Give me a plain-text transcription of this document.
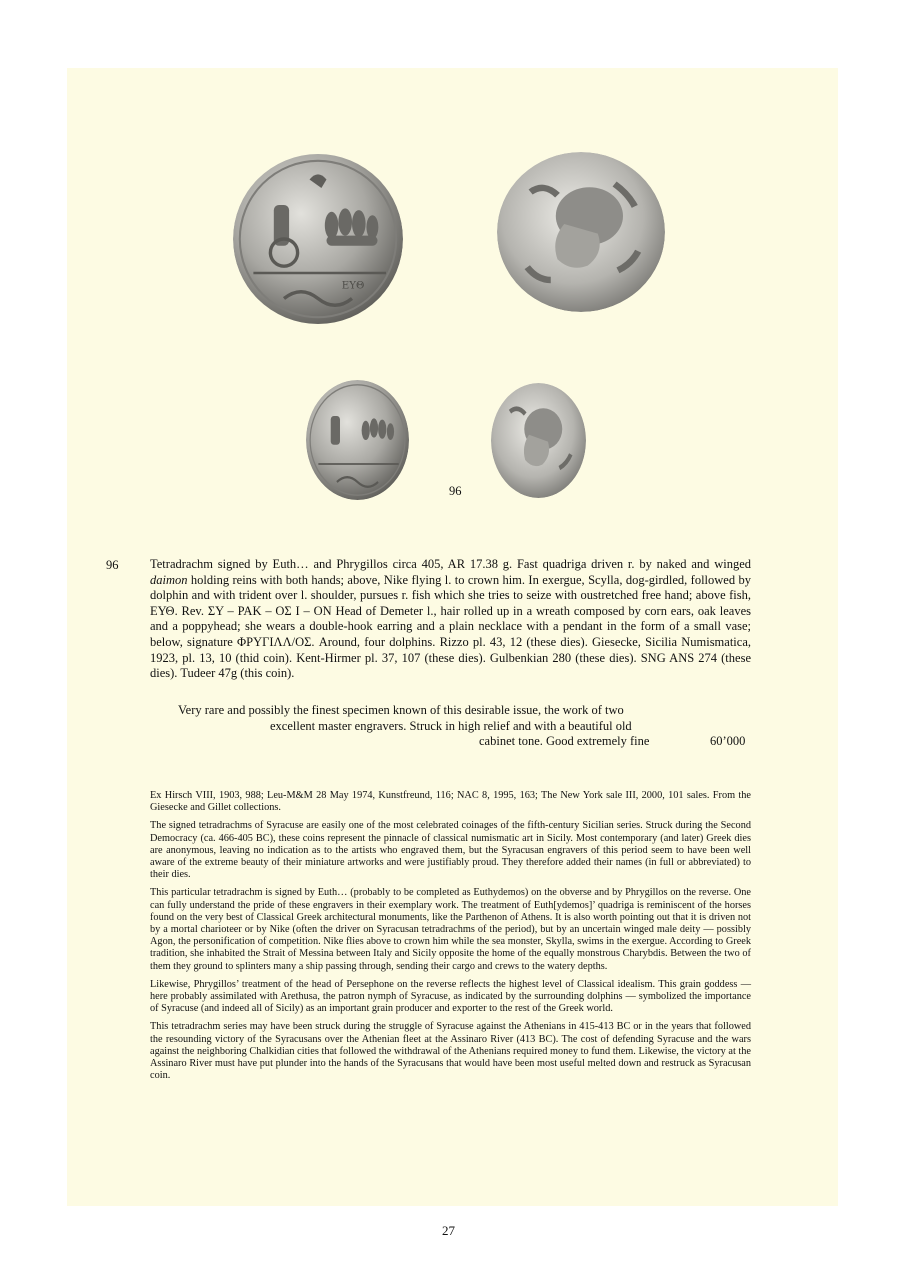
ΕΥΘ
96
96	Tetradrachm signed by Euth… and Phrygillos circa 405, AR 17.38 g. Fast quadriga driven r. by naked and winged daimon holding reins with both hands; above, Nike flying l. to crown him. In exergue, Scylla, dog-girdled, followed by dolphin and with trident over l. shoulder, pursues r. fish which she tries to seize with oustretched free hand; above fish, ΕΥΘ. Rev. ΣΥ – ΡΑΚ – ΟΣ Ι – ΟΝ Head of Demeter l., hair rolled up in a wreath composed by corn ears, oak leaves and a poppyhead; she wears a double-hook earring and a plain necklace with a pendant in the form of a small vase; below, signature ΦΡΥΓΙΛΛ/ΟΣ. Around, four dolphins. Rizzo pl. 43, 12 (these dies). Giesecke, Sicilia Numismatica, 1923, pl. 13, 10 (thid coin). Kent-Hirmer pl. 37, 107 (these dies). Gulbenkian 280 (these dies). SNG ANS 274 (these dies). Tudeer 47g (this coin).
Very rare and possibly the finest specimen known of this desirable issue, the work of two
excellent master engravers. Struck in high relief and with a beautiful old
cabinet tone. Good extremely fine	60’000

Ex Hirsch VIII, 1903, 988; Leu-M&M 28 May 1974, Kunstfreund, 116; NAC 8, 1995, 163; The New York sale III, 2000, 101 sales. From the Giesecke and Gillet collections.

The signed tetradrachms of Syracuse are easily one of the most celebrated coinages of the fifth-century Sicilian series. Struck during the Second Democracy (ca. 466-405 BC), these coins represent the pinnacle of classical numismatic art in Sicily. Most contemporary (and later) Greek dies are anonymous, leaving no indication as to the artists who engraved them, but the Syracusan engravers of this period seem to have been well aware of the extreme beauty of their miniature artworks and were justifiably proud. They therefore added their names (in full or abbreviated) to their dies.

This particular tetradrachm is signed by Euth… (probably to be completed as Euthydemos) on the obverse and by Phrygillos on the reverse. One can fully understand the pride of these engravers in their exemplary work. The treatment of Euth[ydemos]’ quadriga is reminiscent of the horses found on the very best of Classical Greek architectural monuments, like the Parthenon of Athens. It is also worth pointing out that it is driven not by a mortal charioteer or by Nike (often the driver on Syracusan tetradrachms of the period), but by an uncertain winged male deity — possibly Agon, the personification of competition. Nike flies above to crown him while the sea monster, Skylla, swims in the exergue. According to Greek tradition, she inhabited the Strait of Messina between Italy and Sicily opposite the home of the equally monstrous Charybdis. Between the two of them they ground to splinters many a ship passing through, sending their cargo and crews to the watery depths.

Likewise, Phrygillos’ treatment of the head of Persephone on the reverse reflects the highest level of Classical idealism. This grain goddess — here probably assimilated with Arethusa, the patron nymph of Syracuse, as indicated by the surrounding dolphins — symbolized the importance of Syracuse (and indeed all of Sicily) as an important grain producer and exporter to the rest of the Greek world.

This tetradrachm series may have been struck during the struggle of Syracuse against the Athenians in 415-413 BC or in the years that followed the resounding victory of the Syracusans over the Athenian fleet at the Assinaro River (413 BC). The cost of defending Syracuse and the wars against the neighboring Chalkidian cities that followed the withdrawal of the Athenians required money to fund them. Likewise, the victory at the Assinaro River must have put plunder into the hands of the Syracusans that would have been most useful melted down and restruck as Syracusan coin.

27
